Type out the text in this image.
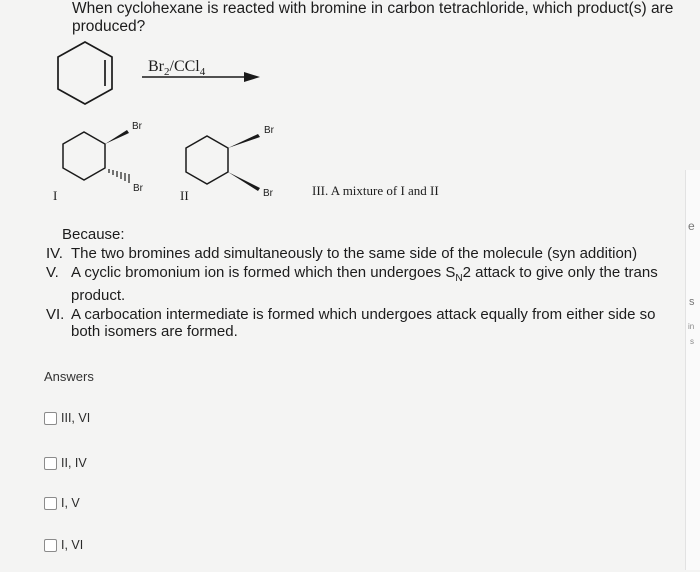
When cyclohexane is reacted with bromine in carbon tetrachloride, which product(s) are produced?
$Br_2/CCl_4$
Br
Br
I
Br
Br
II	III. A mixture of I and II
Because:
IV. The two bromines add simultaneously to the same side of the molecule (syn addition)
V. A cyclic bromonium ion is formed which then undergoes $S_N2$ attack to give only the trans product.
VI. A carbocation intermediate is formed which undergoes attack equally from either side so both isomers are formed.
Answers
III, VI
II, IV
I, V
I, VI
e
s
in
s
